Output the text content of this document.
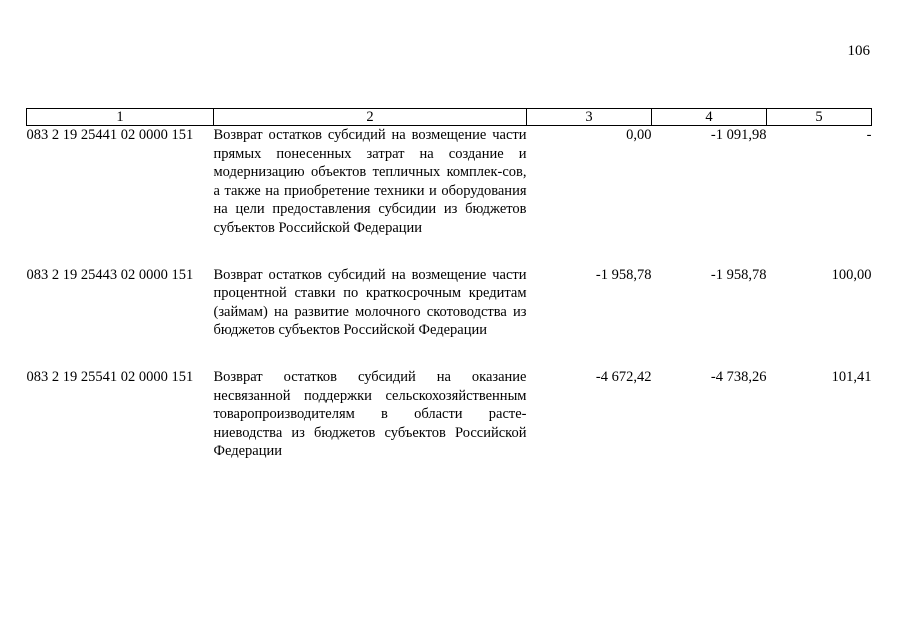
106
1	2	3	4	5
083 2 19 25441 02 0000 151	Возврат остатков субсидий на возмещение части прямых понесенных затрат на создание и модернизацию объектов тепличных комплек-сов, а также на приобретение техники и оборудования на цели предоставления субсидии из бюджетов субъектов Российской Федерации	0,00	-1 091,98	-
083 2 19 25443 02 0000 151	Возврат остатков субсидий на возмещение части процентной ставки по краткосрочным кредитам (займам) на развитие молочного скотоводства из бюджетов субъектов Российской Федерации	-1 958,78	-1 958,78	100,00
083 2 19 25541 02 0000 151	Возврат остатков субсидий на оказание несвязанной поддержки сельскохозяйственным товаропроизводителям в области расте-ниеводства из бюджетов субъектов Российской Федерации	-4 672,42	-4 738,26	101,41
